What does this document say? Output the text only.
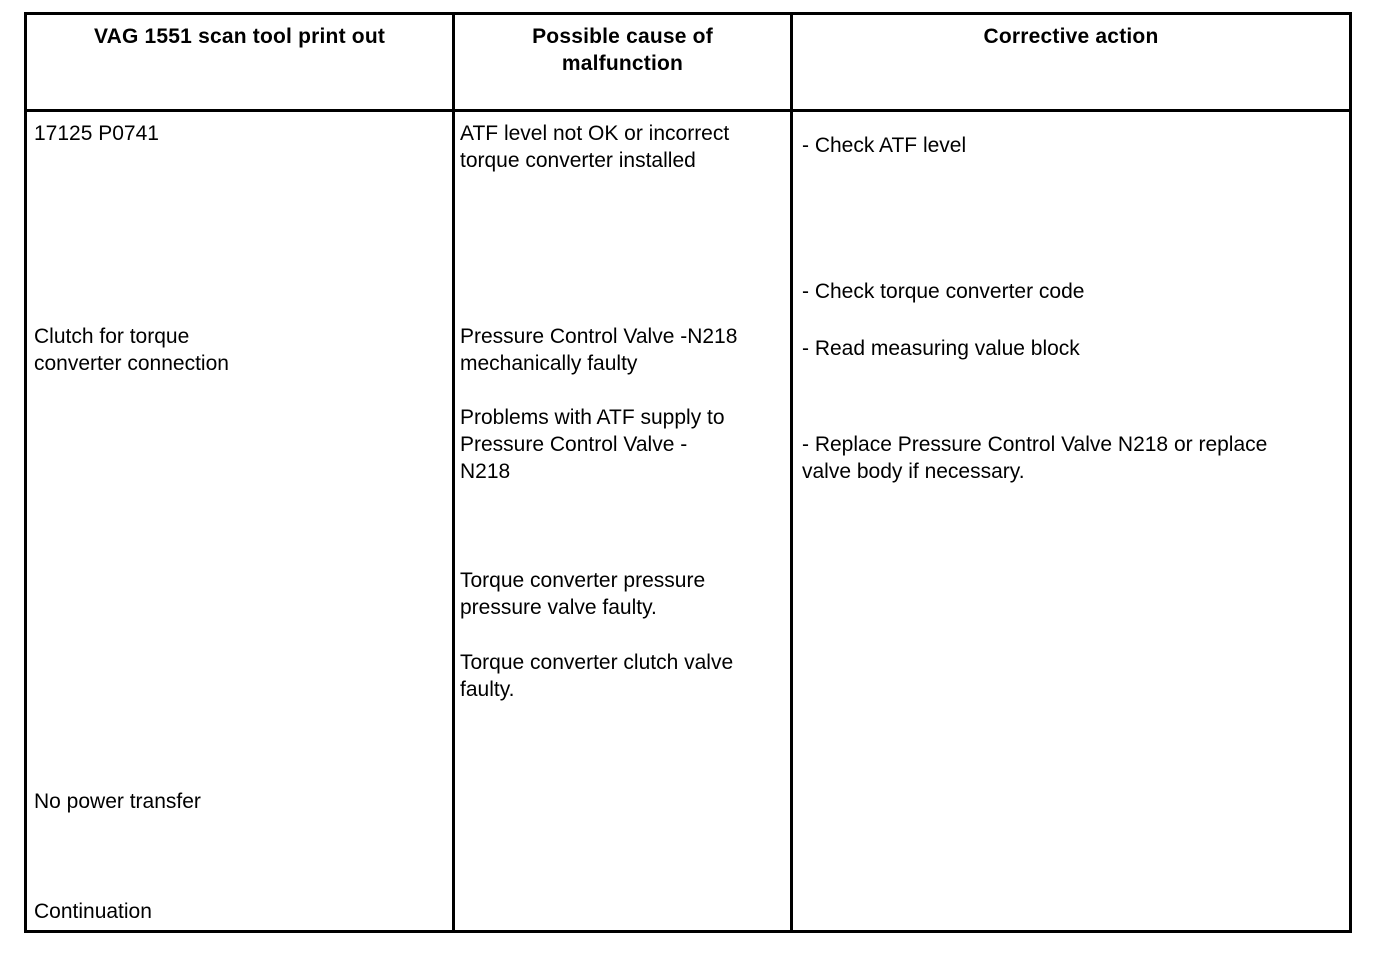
VAG 1551 scan tool print out	Possible cause of
malfunction
Corrective action
17125 P0741
Clutch for torque
converter connection
No power transfer
Continuation
ATF level not OK or incorrect
torque converter installed
Pressure Control Valve -N218
mechanically faulty
Problems with ATF supply to
Pressure Control Valve -
N218
Torque converter pressure
pressure valve faulty.
Torque converter clutch valve
faulty.
- Check ATF level
- Check torque converter code
- Read measuring value block
- Replace Pressure Control Valve N218 or replace
valve body if necessary.
